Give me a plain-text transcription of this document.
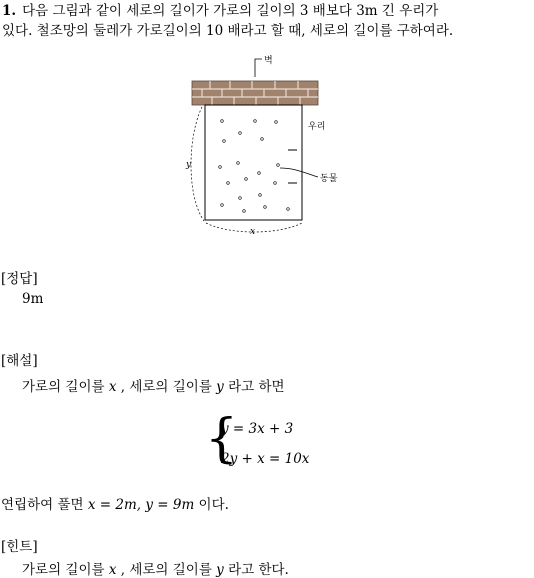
1. 다음 그림과 같이 세로의 길이가 가로의 길이의 3 배보다 3m 긴 우리가
있다. 철조망의 둘레가 가로길이의 10 배라고 할 때, 세로의 길이를 구하여라.
벽
우리
동물
y
x
[정답]
9m
[해설]
가로의 길이를 x , 세로의 길이를 y 라고 하면
{
y = 3x + 3
2y + x = 10x
연립하여 풀면 x = 2m, y = 9m 이다.
[힌트]
가로의 길이를 x , 세로의 길이를 y 라고 한다.
